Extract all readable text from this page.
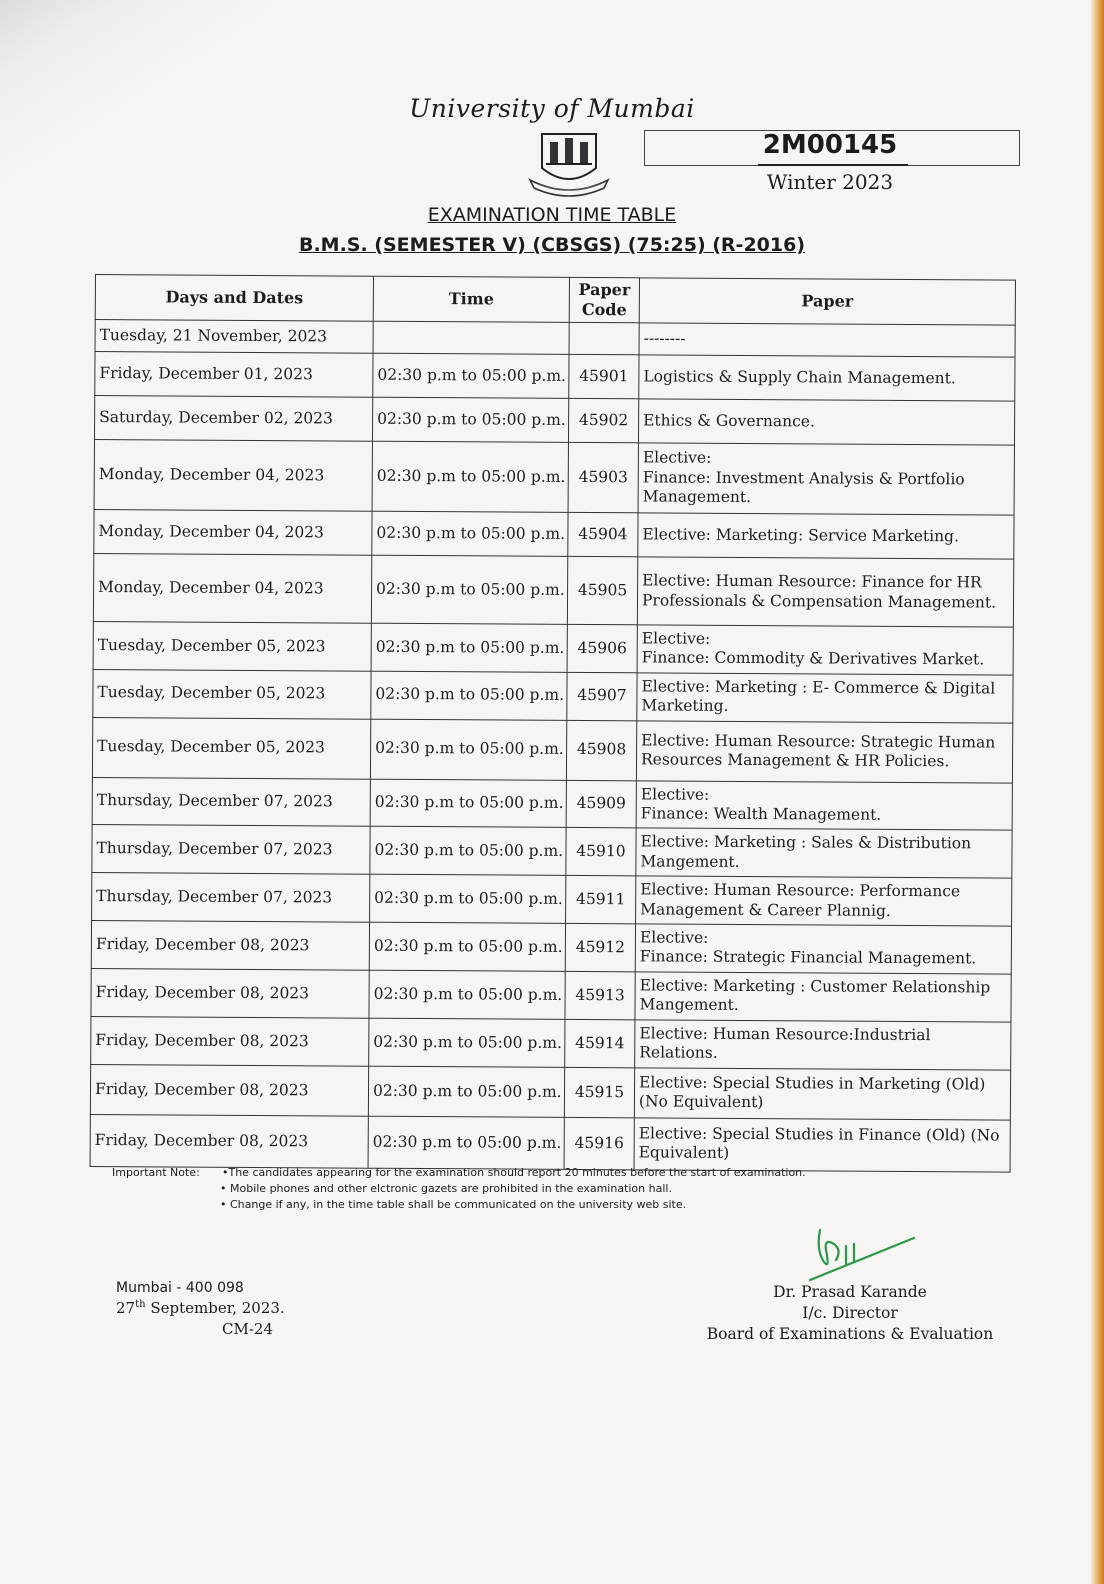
University of Mumbai
2M00145
Winter 2023
EXAMINATION TIME TABLE
B.M.S. (SEMESTER V) (CBSGS) (75:25) (R-2016)
Days and Dates	Time	Paper Code	Paper
Tuesday, 21 November, 2023			--------
Friday, December 01, 2023	02:30 p.m to 05:00 p.m.	45901	Logistics & Supply Chain Management.
Saturday, December 02, 2023	02:30 p.m to 05:00 p.m.	45902	Ethics & Governance.
Monday, December 04, 2023	02:30 p.m to 05:00 p.m.	45903	Elective:
Finance: Investment Analysis & Portfolio Management.
Monday, December 04, 2023	02:30 p.m to 05:00 p.m.	45904	Elective: Marketing: Service Marketing.
Monday, December 04, 2023	02:30 p.m to 05:00 p.m.	45905	Elective: Human Resource: Finance for HR Professionals & Compensation Management.
Tuesday, December 05, 2023	02:30 p.m to 05:00 p.m.	45906	Elective:
Finance: Commodity & Derivatives Market.
Tuesday, December 05, 2023	02:30 p.m to 05:00 p.m.	45907	Elective: Marketing : E- Commerce & Digital Marketing.
Tuesday, December 05, 2023	02:30 p.m to 05:00 p.m.	45908	Elective: Human Resource: Strategic Human Resources Management & HR Policies.
Thursday, December 07, 2023	02:30 p.m to 05:00 p.m.	45909	Elective:
Finance: Wealth Management.
Thursday, December 07, 2023	02:30 p.m to 05:00 p.m.	45910	Elective: Marketing : Sales & Distribution Mangement.
Thursday, December 07, 2023	02:30 p.m to 05:00 p.m.	45911	Elective: Human Resource: Performance Management & Career Plannig.
Friday, December 08, 2023	02:30 p.m to 05:00 p.m.	45912	Elective:
Finance: Strategic Financial Management.
Friday, December 08, 2023	02:30 p.m to 05:00 p.m.	45913	Elective: Marketing : Customer Relationship Mangement.
Friday, December 08, 2023	02:30 p.m to 05:00 p.m.	45914	Elective: Human Resource:Industrial Relations.
Friday, December 08, 2023	02:30 p.m to 05:00 p.m.	45915	Elective: Special Studies in Marketing (Old)(No Equivalent)
Friday, December 08, 2023	02:30 p.m to 05:00 p.m.	45916	Elective: Special Studies in Finance (Old) (No Equivalent)
Important Note: •The candidates appearing for the examination should report 20 minutes before the start of examination.
• Mobile phones and other elctronic gazets are prohibited in the examination hall.
• Change if any, in the time table shall be communicated on the university web site.
Mumbai - 400 098
27th September, 2023.
CM-24
Dr. Prasad Karande
I/c. Director
Board of Examinations & Evaluation
